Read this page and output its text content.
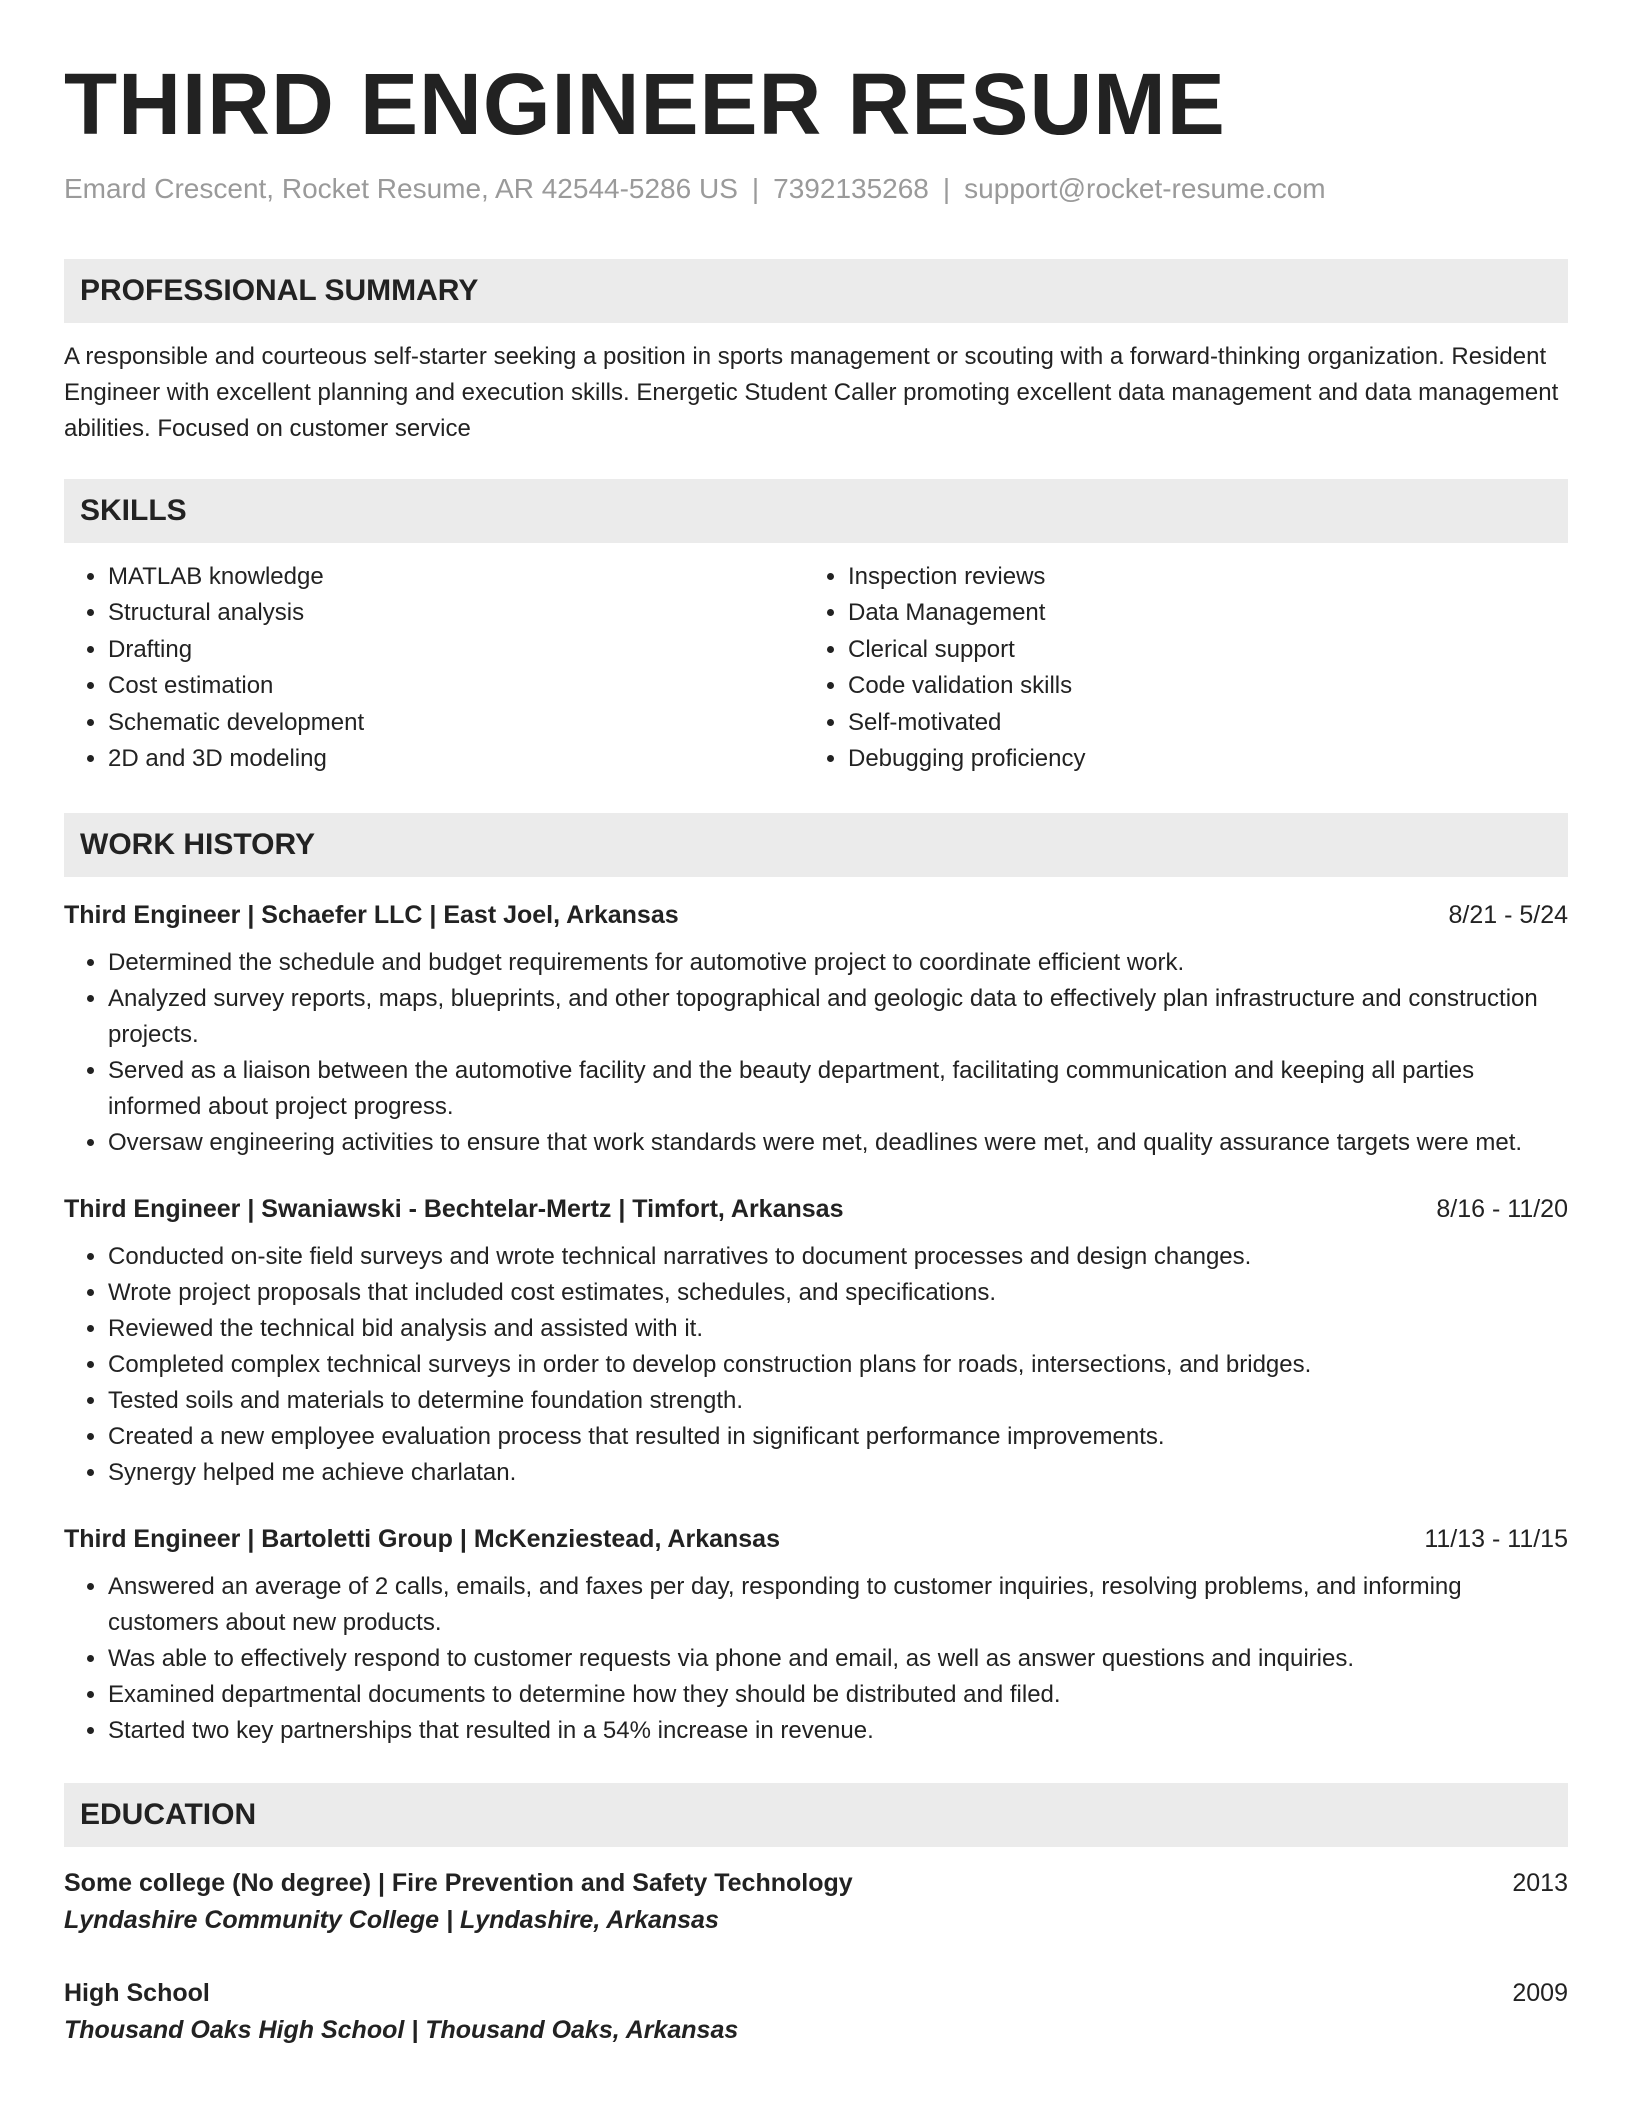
THIRD ENGINEER RESUME
Emard Crescent, Rocket Resume, AR 42544-5286 US | 7392135268 | support@rocket-resume.com
PROFESSIONAL SUMMARY

A responsible and courteous self-starter seeking a position in sports management or scouting with a forward-thinking organization. Resident Engineer with excellent planning and execution skills. Energetic Student Caller promoting excellent data management and data management abilities. Focused on customer service

SKILLS
• MATLAB knowledge
• Structural analysis
• Drafting
• Cost estimation
• Schematic development
• 2D and 3D modeling
• Inspection reviews
• Data Management
• Clerical support
• Code validation skills
• Self-motivated
• Debugging proficiency
WORK HISTORY
Third Engineer | Schaefer LLC | East Joel, Arkansas	8/21 - 5/24
• Determined the schedule and budget requirements for automotive project to coordinate efficient work.
• Analyzed survey reports, maps, blueprints, and other topographical and geologic data to effectively plan infrastructure and construction projects.
• Served as a liaison between the automotive facility and the beauty department, facilitating communication and keeping all parties informed about project progress.
• Oversaw engineering activities to ensure that work standards were met, deadlines were met, and quality assurance targets were met.
Third Engineer | Swaniawski - Bechtelar-Mertz | Timfort, Arkansas	8/16 - 11/20
• Conducted on-site field surveys and wrote technical narratives to document processes and design changes.
• Wrote project proposals that included cost estimates, schedules, and specifications.
• Reviewed the technical bid analysis and assisted with it.
• Completed complex technical surveys in order to develop construction plans for roads, intersections, and bridges.
• Tested soils and materials to determine foundation strength.
• Created a new employee evaluation process that resulted in significant performance improvements.
• Synergy helped me achieve charlatan.
Third Engineer | Bartoletti Group | McKenziestead, Arkansas	11/13 - 11/15
• Answered an average of 2 calls, emails, and faxes per day, responding to customer inquiries, resolving problems, and informing customers about new products.
• Was able to effectively respond to customer requests via phone and email, as well as answer questions and inquiries.
• Examined departmental documents to determine how they should be distributed and filed.
• Started two key partnerships that resulted in a 54% increase in revenue.
EDUCATION
Some college (No degree) | Fire Prevention and Safety Technology	2013
Lyndashire Community College | Lyndashire, Arkansas
High School	2009
Thousand Oaks High School | Thousand Oaks, Arkansas
